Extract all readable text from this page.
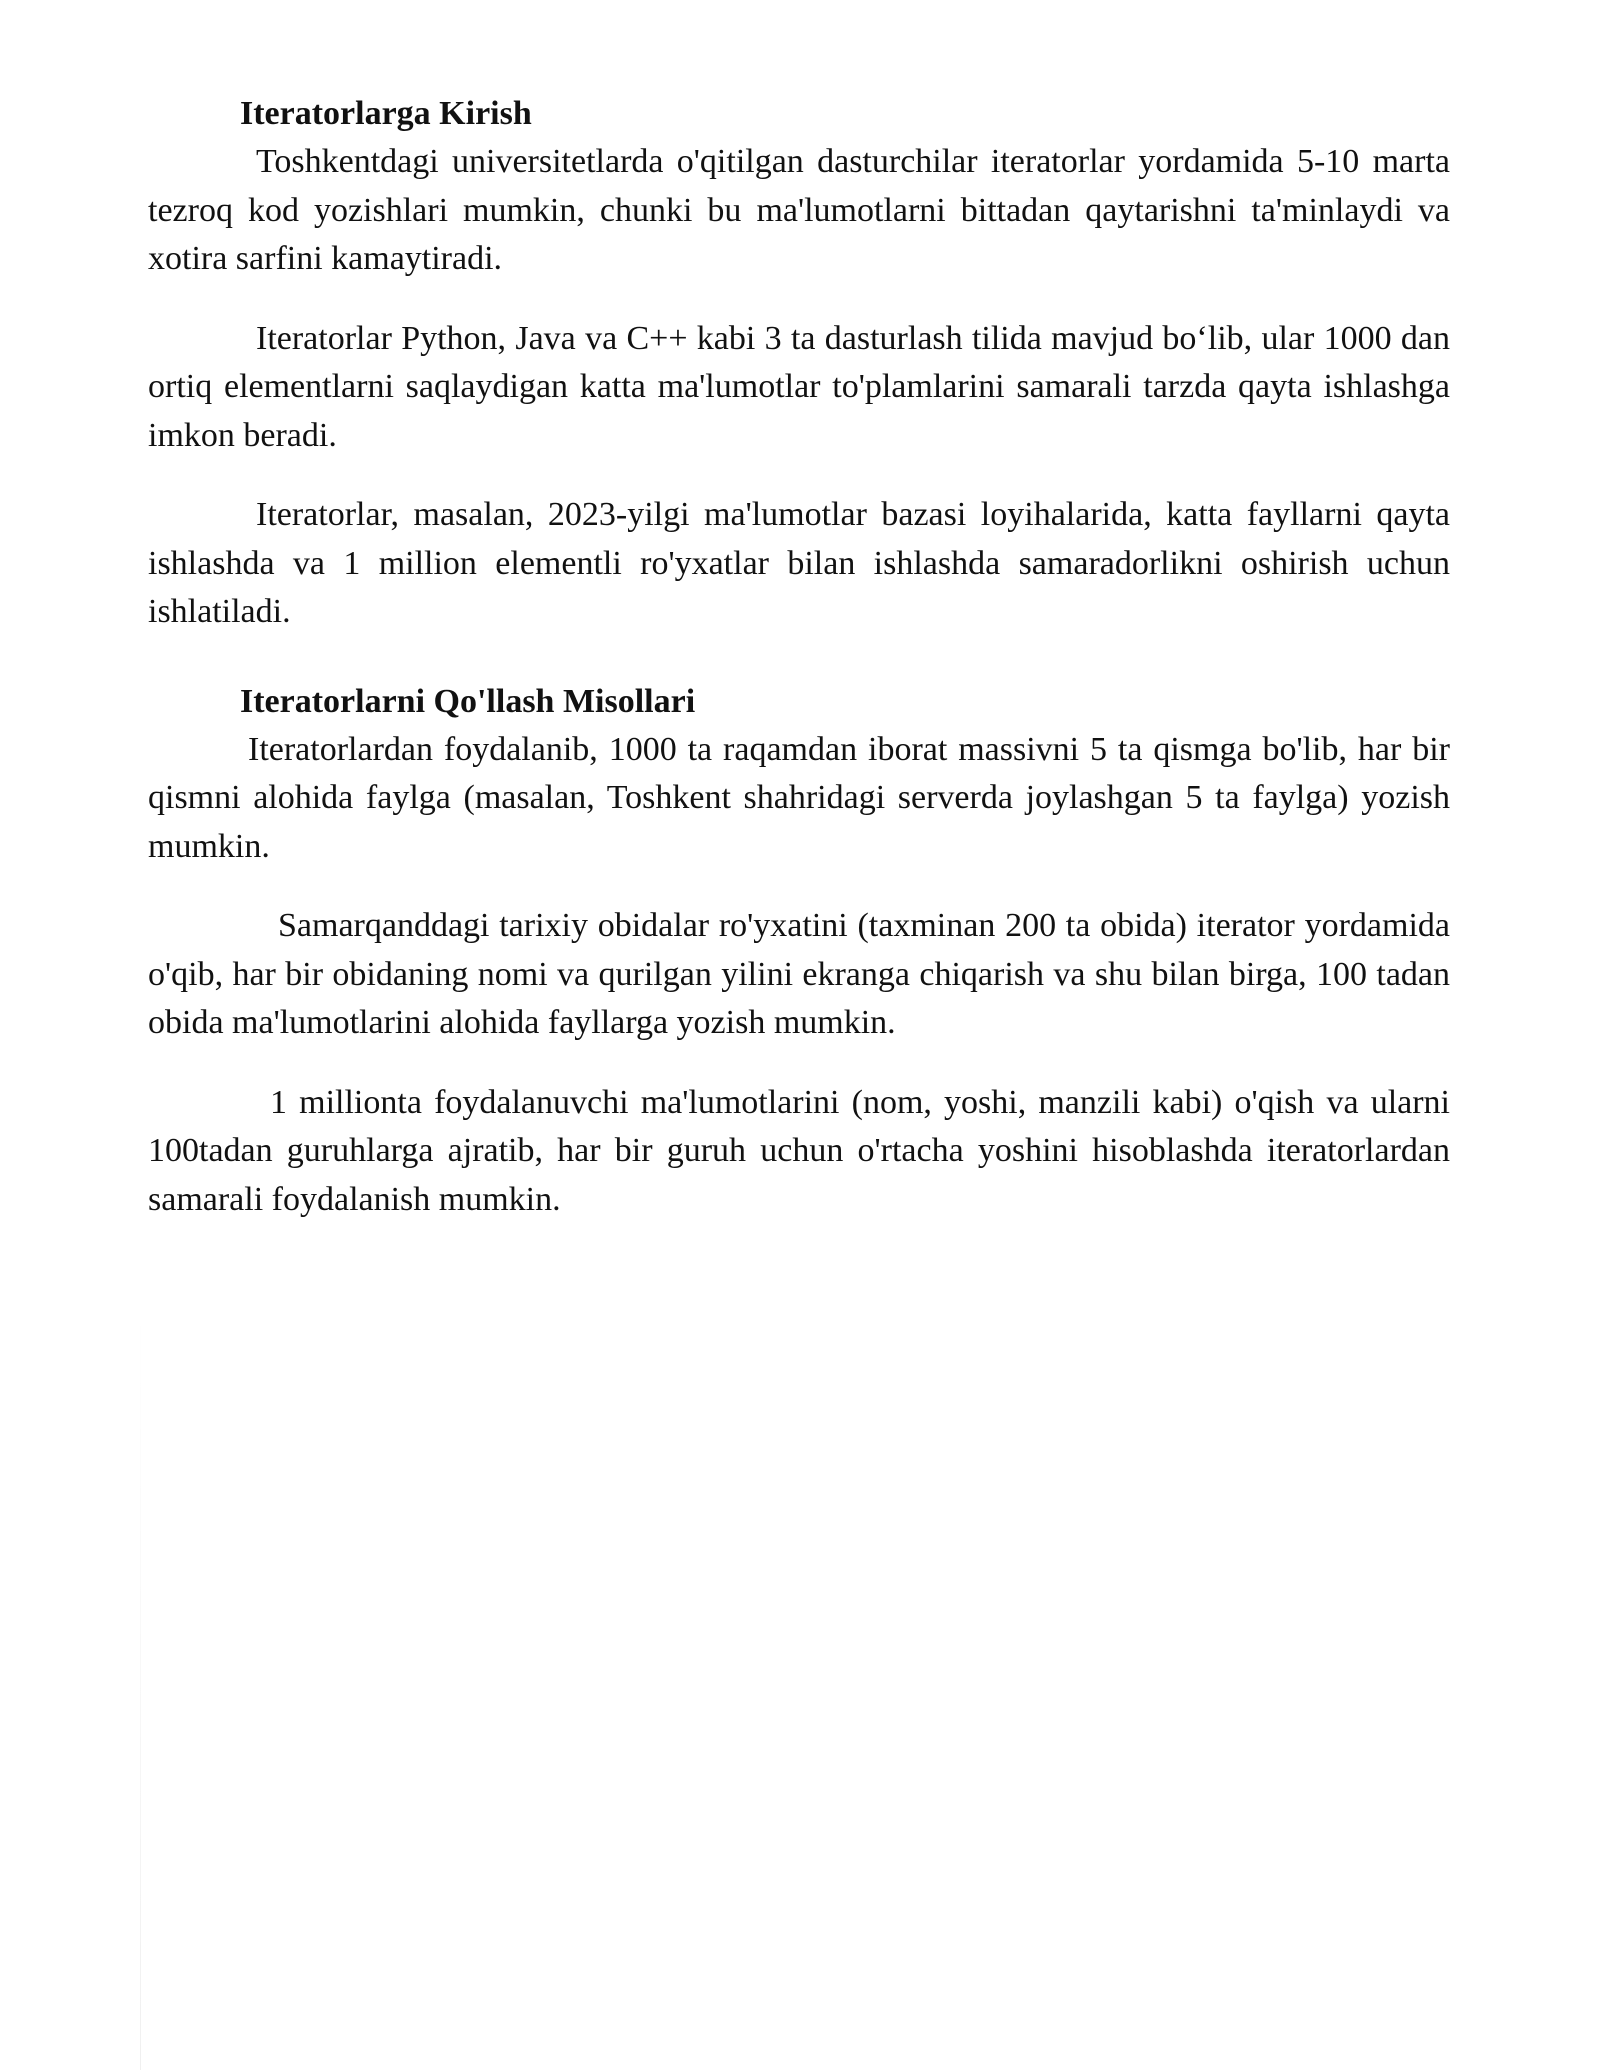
Iteratorlarga Kirish

Toshkentdagi universitetlarda o'qitilgan dasturchilar iteratorlar yordamida 5-10 marta tezroq kod yozishlari mumkin, chunki bu ma'lumotlarni bittadan qaytarishni ta'minlaydi va xotira sarfini kamaytiradi.

Iteratorlar Python, Java va C++ kabi 3 ta dasturlash tilida mavjud bo‘lib, ular 1000 dan ortiq elementlarni saqlaydigan katta ma'lumotlar to'plamlarini samarali tarzda qayta ishlashga imkon beradi.

Iteratorlar, masalan, 2023-yilgi ma'lumotlar bazasi loyihalarida, katta fayllarni qayta ishlashda va 1 million elementli ro'yxatlar bilan ishlashda samaradorlikni oshirish uchun ishlatiladi.

Iteratorlarni Qo'llash Misollari

Iteratorlardan foydalanib, 1000 ta raqamdan iborat massivni 5 ta qismga bo'lib, har bir qismni alohida faylga (masalan, Toshkent shahridagi serverda joylashgan 5 ta faylga) yozish mumkin.

Samarqanddagi tarixiy obidalar ro'yxatini (taxminan 200 ta obida) iterator yordamida o'qib, har bir obidaning nomi va qurilgan yilini ekranga chiqarish va shu bilan birga, 100 tadan obida ma'lumotlarini alohida fayllarga yozish mumkin.

1 millionta foydalanuvchi ma'lumotlarini (nom, yoshi, manzili kabi) o'qish va ularni 100tadan guruhlarga ajratib, har bir guruh uchun o'rtacha yoshini hisoblashda iteratorlardan samarali foydalanish mumkin.
